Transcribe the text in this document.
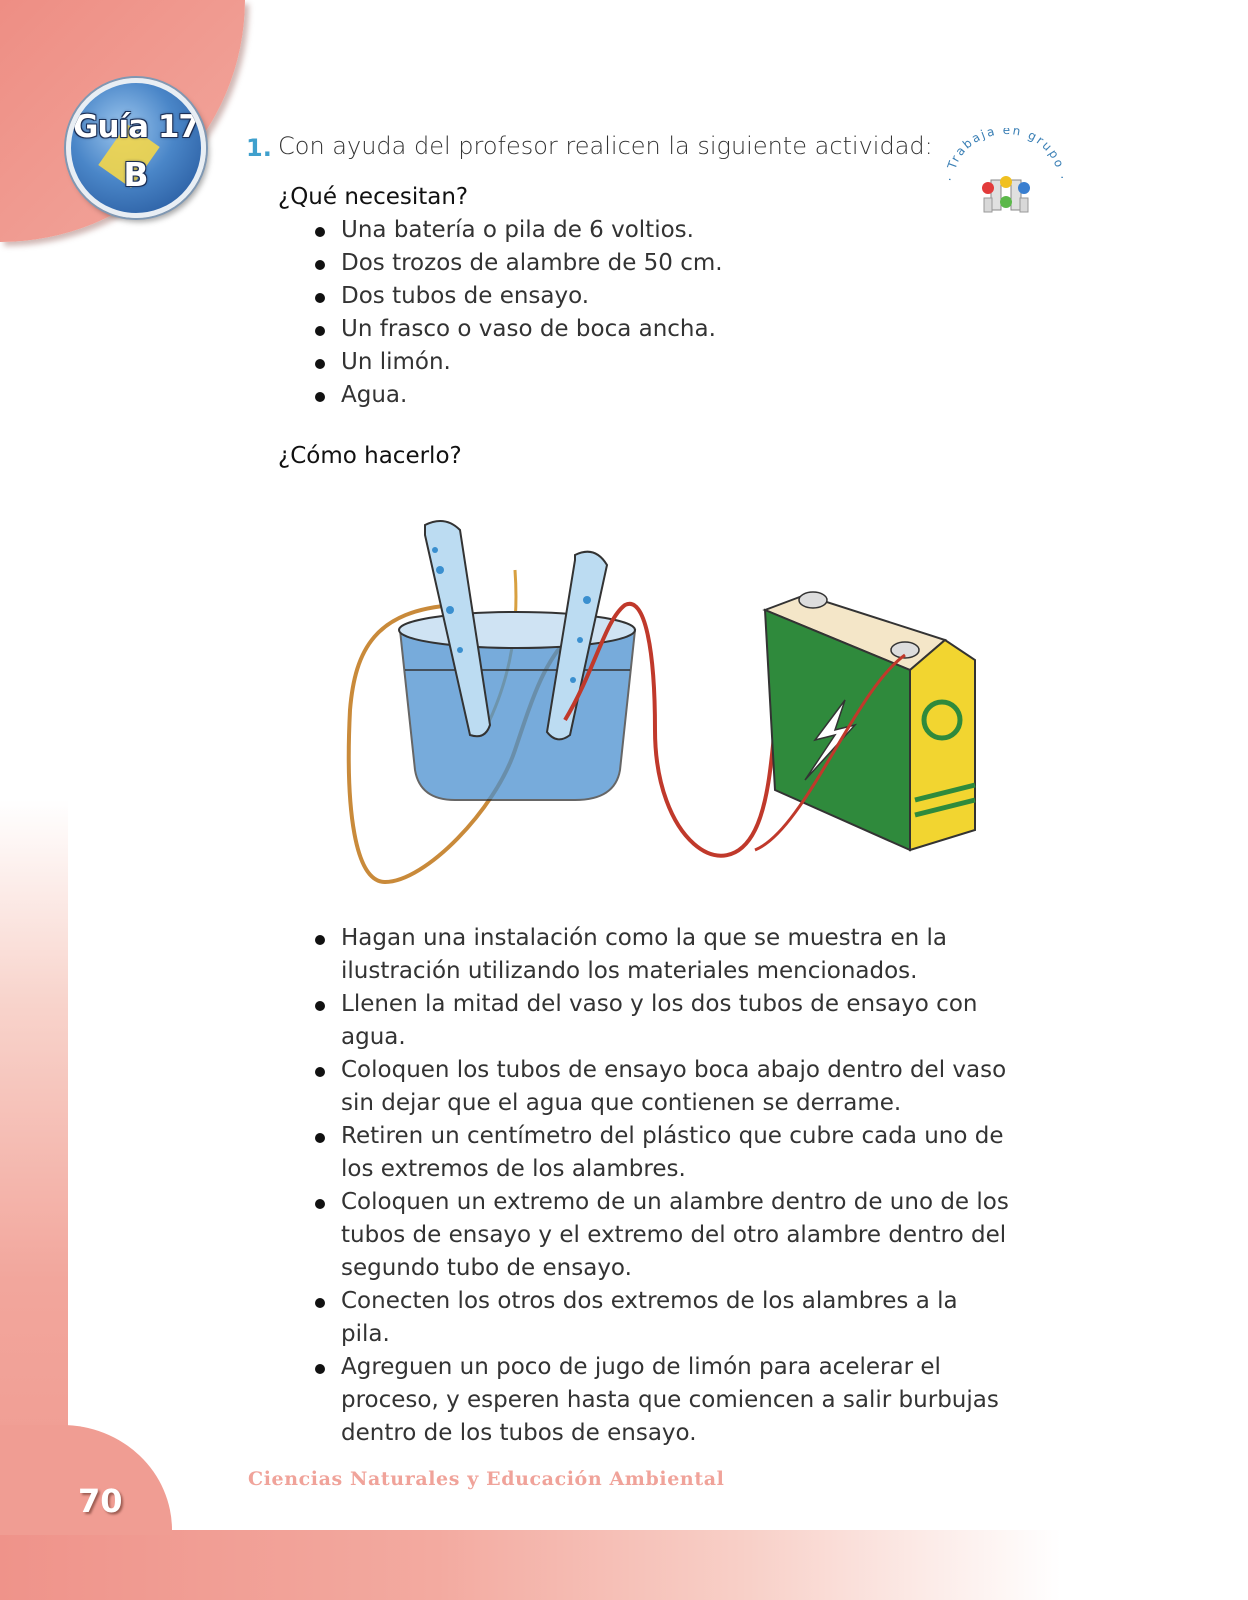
Guía 17
B
1. Con ayuda del profesor realicen la siguiente actividad:
· Trabaja en grupo ·
¿Qué necesitan?
Una batería o pila de 6 voltios.
Dos trozos de alambre de 50 cm.
Dos tubos de ensayo.
Un frasco o vaso de boca ancha.
Un limón.
Agua.
¿Cómo hacerlo?
Hagan una instalación como la que se muestra en la ilustración utilizando los materiales mencionados.
Llenen la mitad del vaso y los dos tubos de ensayo con agua.
Coloquen los tubos de ensayo boca abajo dentro del vaso sin dejar que el agua que contienen se derrame.
Retiren un centímetro del plástico que cubre cada uno de los extremos de los alambres.
Coloquen un extremo de un alambre dentro de uno de los tubos de ensayo y el extremo del otro alambre dentro del segundo tubo de ensayo.
Conecten los otros dos extremos de los alambres a la pila.
Agreguen un poco de jugo de limón para acelerar el proceso, y esperen hasta que comiencen a salir burbujas dentro de los tubos de ensayo.
Ciencias Naturales y Educación Ambiental
70
